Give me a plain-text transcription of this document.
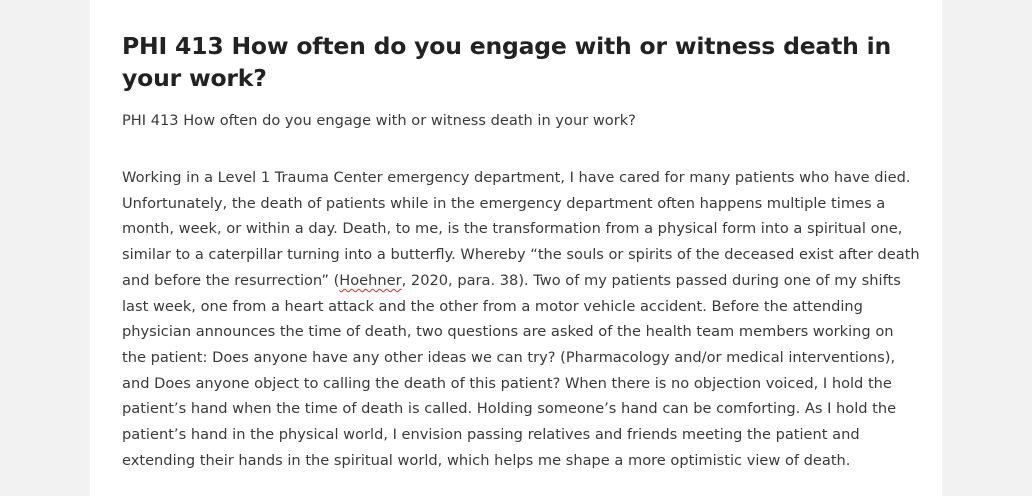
PHI 413 How often do you engage with or witness death in your work?

PHI 413 How often do you engage with or witness death in your work?

Working in a Level 1 Trauma Center emergency department, I have cared for many patients who have died. Unfortunately, the death of patients while in the emergency department often happens multiple times a month, week, or within a day. Death, to me, is the transformation from a physical form into a spiritual one, similar to a caterpillar turning into a butterfly. Whereby “the souls or spirits of the deceased exist after death and before the resurrection” (Hoehner, 2020, para. 38). Two of my patients passed during one of my shifts last week, one from a heart attack and the other from a motor vehicle accident. Before the attending physician announces the time of death, two questions are asked of the health team members working on the patient: Does anyone have any other ideas we can try? (Pharmacology and/or medical interventions), and Does anyone object to calling the death of this patient? When there is no objection voiced, I hold the patient’s hand when the time of death is called. Holding someone’s hand can be comforting. As I hold the patient’s hand in the physical world, I envision passing relatives and friends meeting the patient and extending their hands in the spiritual world, which helps me shape a more optimistic view of death.
